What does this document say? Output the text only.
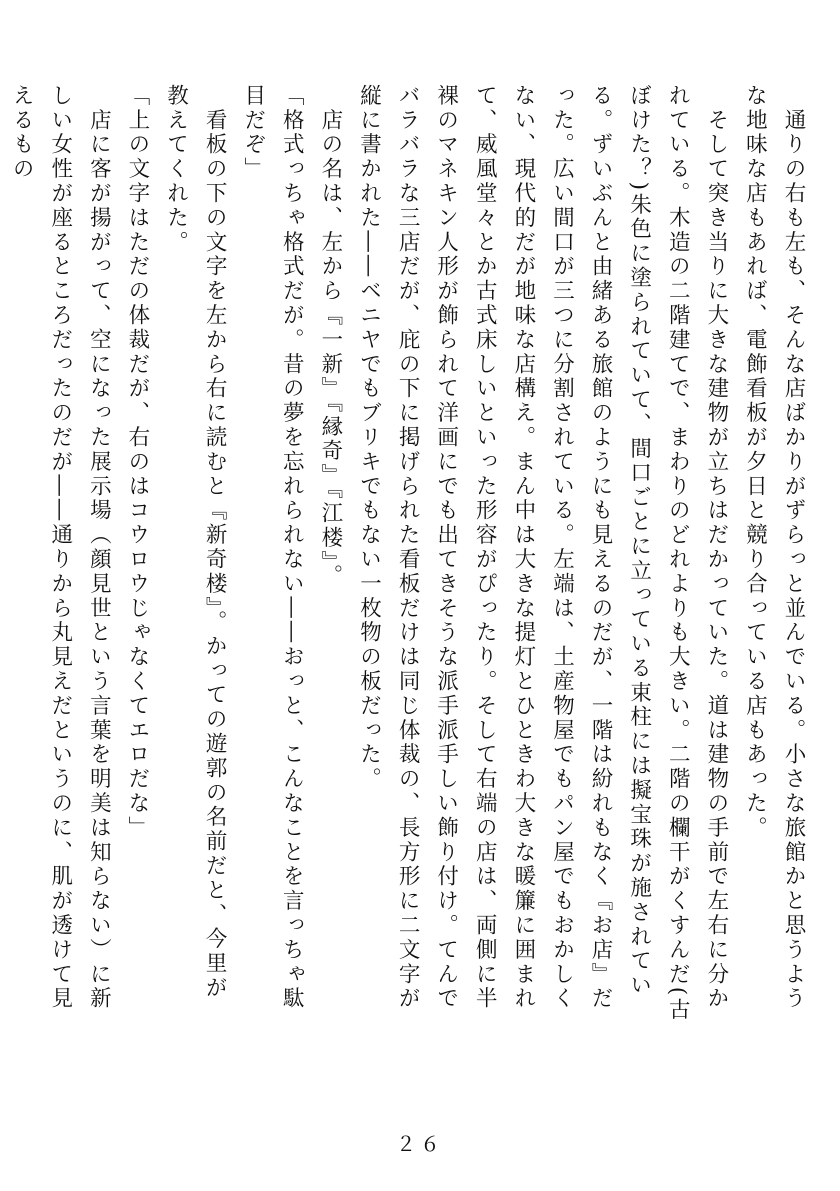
　通りの右も左も、そんな店ばかりがずらっと並んでいる。小さな旅館かと思うような地味な店もあれば、電飾看板が夕日と競り合っている店もあった。

　そして突き当りに大きな建物が立ちはだかっていた。道は建物の手前で左右に分かれている。木造の二階建てで、まわりのどれよりも大きい。二階の欄干がくすんだ(古ぼけた？)朱色に塗られていて、間口ごとに立っている束柱には擬宝珠が施されている。ずいぶんと由緒ある旅館のようにも見えるのだが、一階は紛れもなく『お店』だった。広い間口が三つに分割されている。左端は、土産物屋でもパン屋でもおかしくない、現代的だが地味な店構え。まん中は大きな提灯とひときわ大きな暖簾に囲まれて、威風堂々とか古式床しいといった形容がぴったり。そして右端の店は、両側に半裸のマネキン人形が飾られて洋画にでも出てきそうな派手派手しい飾り付け。てんでバラバラな三店だが、庇の下に掲げられた看板だけは同じ体裁の、長方形に二文字が縦に書かれた――ベニヤでもブリキでもない一枚物の板だった。

　店の名は、左から『一新』『縁奇』『江楼』。

「格式っちゃ格式だが。昔の夢を忘れられない――おっと、こんなことを言っちゃ駄目だぞ」

　看板の下の文字を左から右に読むと『新奇楼』。かっての遊郭の名前だと、今里が教えてくれた。

「上の文字はただの体裁だが、右のはコウロウじゃなくてエロだな」

　店に客が揚がって、空になった展示場（顔見世という言葉を明美は知らない）に新しい女性が座るところだったのだが――通りから丸見えだというのに、肌が透けて見えるもの

２６
